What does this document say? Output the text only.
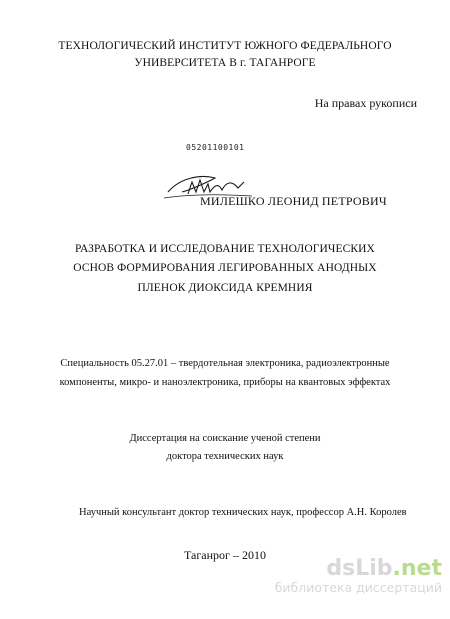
ТЕХНОЛОГИЧЕСКИЙ ИНСТИТУТ ЮЖНОГО ФЕДЕРАЛЬНОГО
УНИВЕРСИТЕТА В г. ТАГАНРОГЕ
На правах рукописи
05201100101
МИЛЕШКО ЛЕОНИД ПЕТРОВИЧ
РАЗРАБОТКА И ИССЛЕДОВАНИЕ ТЕХНОЛОГИЧЕСКИХ
ОСНОВ ФОРМИРОВАНИЯ ЛЕГИРОВАННЫХ АНОДНЫХ
ПЛЕНОК ДИОКСИДА КРЕМНИЯ
Специальность 05.27.01 – твердотельная электроника, радиоэлектронные
компоненты, микро- и наноэлектроника, приборы на квантовых эффектах
Диссертация на соискание ученой степени
доктора технических наук
Научный консультант доктор технических наук, профессор А.Н. Королев
Таганрог – 2010
dsLib.net
библиотека диссертаций
